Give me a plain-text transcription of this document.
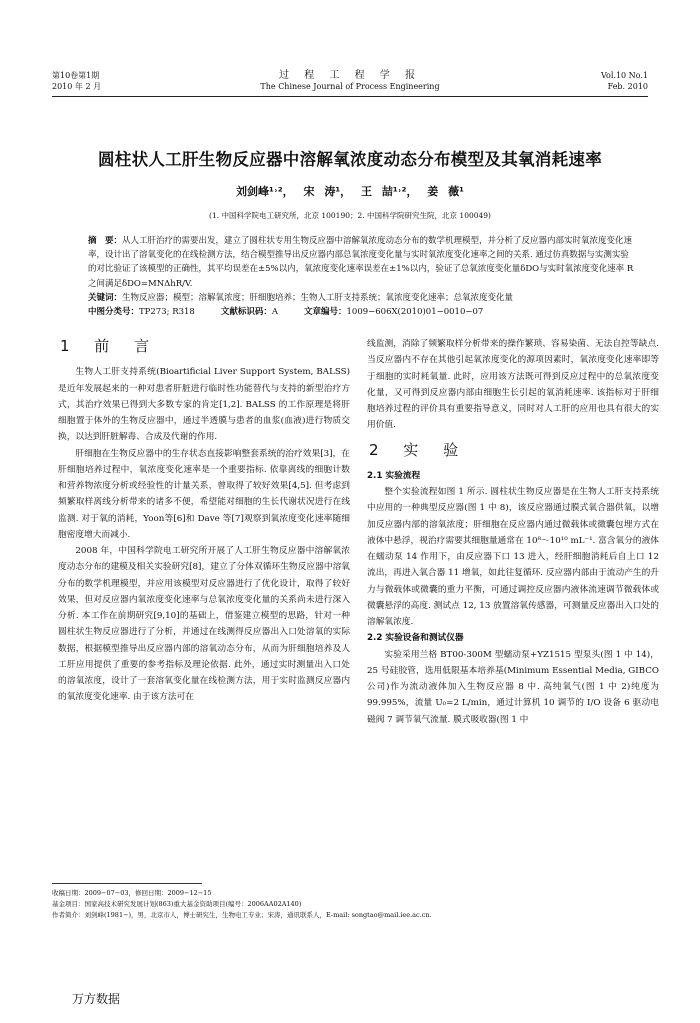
第10卷第1期
2010 年 2 月
过 程 工 程 学 报
The Chinese Journal of Process Engineering
Vol.10 No.1
Feb. 2010
圆柱状人工肝生物反应器中溶解氧浓度动态分布模型及其氧消耗速率
刘剑峰¹˒²， 宋 涛¹， 王 喆¹˒²， 姜 薇¹
(1. 中国科学院电工研究所，北京 100190；2. 中国科学院研究生院，北京 100049)
摘　要：从人工肝治疗的需要出发，建立了圆柱状专用生物反应器中溶解氧浓度动态分布的数学机理模型，并分析了反应器内部实时氧浓度变化速率，设计出了溶氧变化的在线检测方法，结合模型推导出反应器内部总氧浓度变化量与实时氧浓度变化速率之间的关系. 通过仿真数据与实测实验的对比验证了该模型的正确性，其平均误差在±5%以内，氧浓度变化速率误差在±1%以内，验证了总氧浓度变化量δDO与实时氧浓度变化速率 R 之间满足δDO=MNΔhR/V.
关键词：生物反应器；模型；溶解氧浓度；肝细胞培养；生物人工肝支持系统；氧浓度变化速率；总氧浓度变化量
中图分类号：TP273; R318	文献标识码：A	文章编号：1009−606X(2010)01−0010−07
1 前 言

生物人工肝支持系统(Bioartificial Liver Support System, BALSS)是近年发展起来的一种对患者肝脏进行临时性功能替代与支持的新型治疗方式，其治疗效果已得到大多数专家的肯定[1,2]. BALSS 的工作原理是将肝细胞置于体外的生物反应器中，通过半透膜与患者的血浆(血液)进行物质交换，以达到肝脏解毒、合成及代谢的作用.

肝细胞在生物反应器中的生存状态直接影响整套系统的治疗效果[3]，在肝细胞培养过程中，氧浓度变化速率是一个重要指标. 依靠离线的细胞计数和营养物浓度分析或经验性的计量关系，曾取得了较好效果[4,5]. 但考虑到频繁取样离线分析带来的诸多不便，希望能对细胞的生长代谢状况进行在线监测. 对于氧的消耗，Yoon等[6]和 Dave 等[7]观察到氧浓度变化速率随细胞密度增大而减小.

2008 年，中国科学院电工研究所开展了人工肝生物反应器中溶解氧浓度动态分布的建模及相关实验研究[8]，建立了分体双循环生物反应器中溶氧分布的数学机理模型，并应用该模型对反应器进行了优化设计，取得了较好效果，但对反应器内氧浓度变化速率与总氧浓度变化量的关系尚未进行深入分析. 本工作在前期研究[9,10]的基础上，借鉴建立模型的思路，针对一种圆柱状生物反应器进行了分析，并通过在线测得反应器出入口处溶氧的实际数据，根据模型推导出反应器内部的溶氧动态分布，从而为肝细胞培养及人工肝应用提供了重要的参考指标及理论依据. 此外，通过实时测量出入口处的溶氧浓度，设计了一套溶氧变化量在线检测方法，用于实时监测反应器内的氧浓度变化速率. 由于该方法可在

线监测，消除了频繁取样分析带来的操作繁琐、容易染菌、无法自控等缺点. 当反应器内不存在其他引起氧浓度变化的源项因素时，氧浓度变化速率即等于细胞的实时耗氧量. 此时，应用该方法既可得到反应过程中的总氧浓度变化量，又可得到反应器内部由细胞生长引起的氧消耗速率. 该指标对于肝细胞培养过程的评价具有重要指导意义，同时对人工肝的应用也具有很大的实用价值.

2 实 验
2.1 实验流程

整个实验流程如图 1 所示. 圆柱状生物反应器是在生物人工肝支持系统中应用的一种典型反应器(图 1 中 8)，该反应器通过膜式氧合器供氧，以增加反应器内部的溶氧浓度；肝细胞在反应器内通过微载体或微囊包埋方式在液体中悬浮，视治疗需要其细胞量通常在 10⁸～10¹⁰ mL⁻¹. 富含氧分的液体在蠕动泵 14 作用下，由反应器下口 13 进入，经肝细胞消耗后自上口 12 流出，再进入氧合器 11 增氧，如此往复循环. 反应器内部由于流动产生的升力与微载体或微囊的重力平衡，可通过调控反应器内液体流速调节微载体或微囊悬浮的高度. 测试点 12, 13 放置溶氧传感器，可测量反应器出入口处的溶解氧浓度.

2.2 实验设备和测试仪器

实验采用兰格 BT00-300M 型蠕动泵+YZ1515 型泵头(图 1 中 14)，25 号硅胶管，选用低限基本培养基(Minimum Essential Media, GIBCO 公司)作为流动液体加入生物反应器 8 中. 高纯氧气(图 1 中 2)纯度为99.995%，流量 U₀=2 L/min，通过计算机 10 调节的 I/O 设备 6 驱动电磁阀 7 调节氧气流量. 膜式吸收器(图 1 中

收稿日期：2009−07−03，修回日期：2009−12−15
基金项目：国家高技术研究发展计划(863)重大基金资助项目(编号：2006AA02A140)
作者简介：刘剑峰(1981−)，男，北京市人，博士研究生，生物电工专业；宋涛，通讯联系人，E-mail: songtao@mail.iee.ac.cn.
万方数据
